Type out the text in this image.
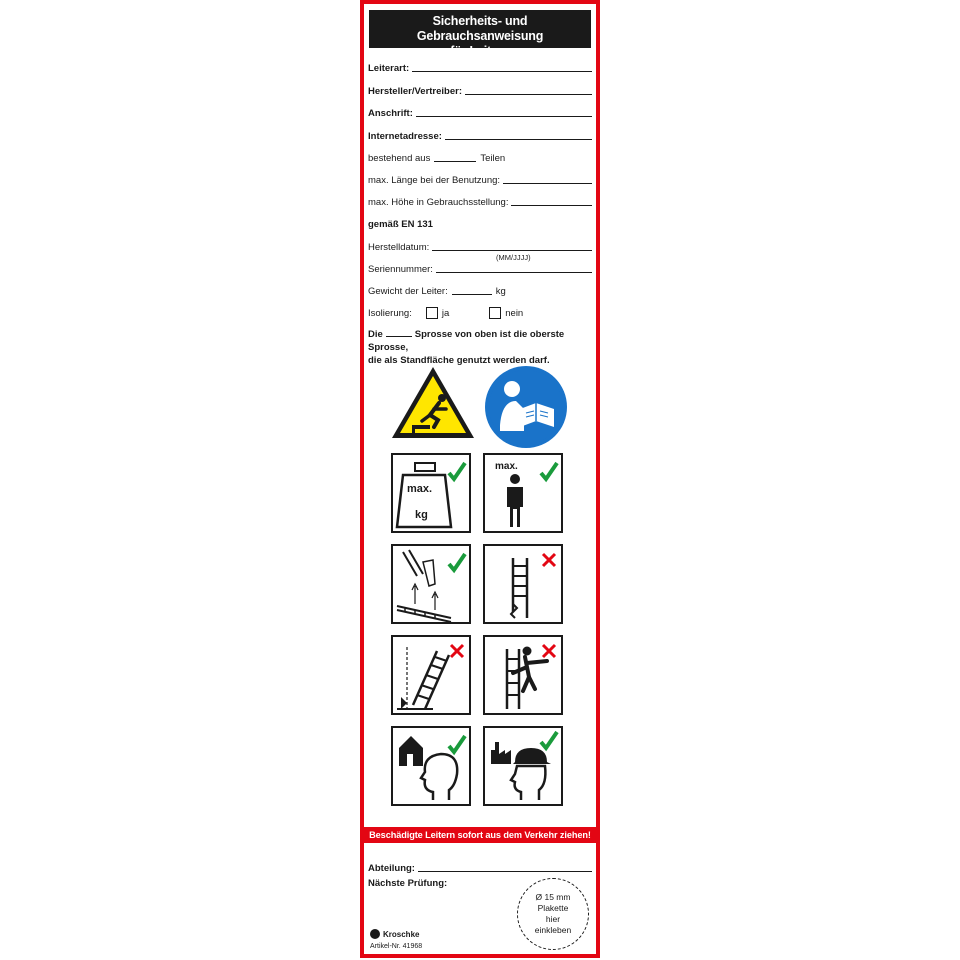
Sicherheits- und Gebrauchsanweisung
für Leitern
Leiterart:
Hersteller/Vertreiber:
Anschrift:
Internetadresse:
bestehend aus	Teilen
max. Länge bei der Benutzung:
max. Höhe in Gebrauchsstellung:
gemäß EN 131
Herstelldatum:
(MM/JJJJ)
Seriennummer:
Gewicht der Leiter:	kg
Isolierung:	ja	nein
Die	Sprosse von oben ist die oberste Sprosse,
die als Standfläche genutzt werden darf.
max.
kg
max.
Beschädigte Leitern sofort aus dem Verkehr ziehen!
Abteilung:
Nächste Prüfung:
Ø 15 mm
Plakette
hier
einkleben
Kroschke
Artikel-Nr. 41968
